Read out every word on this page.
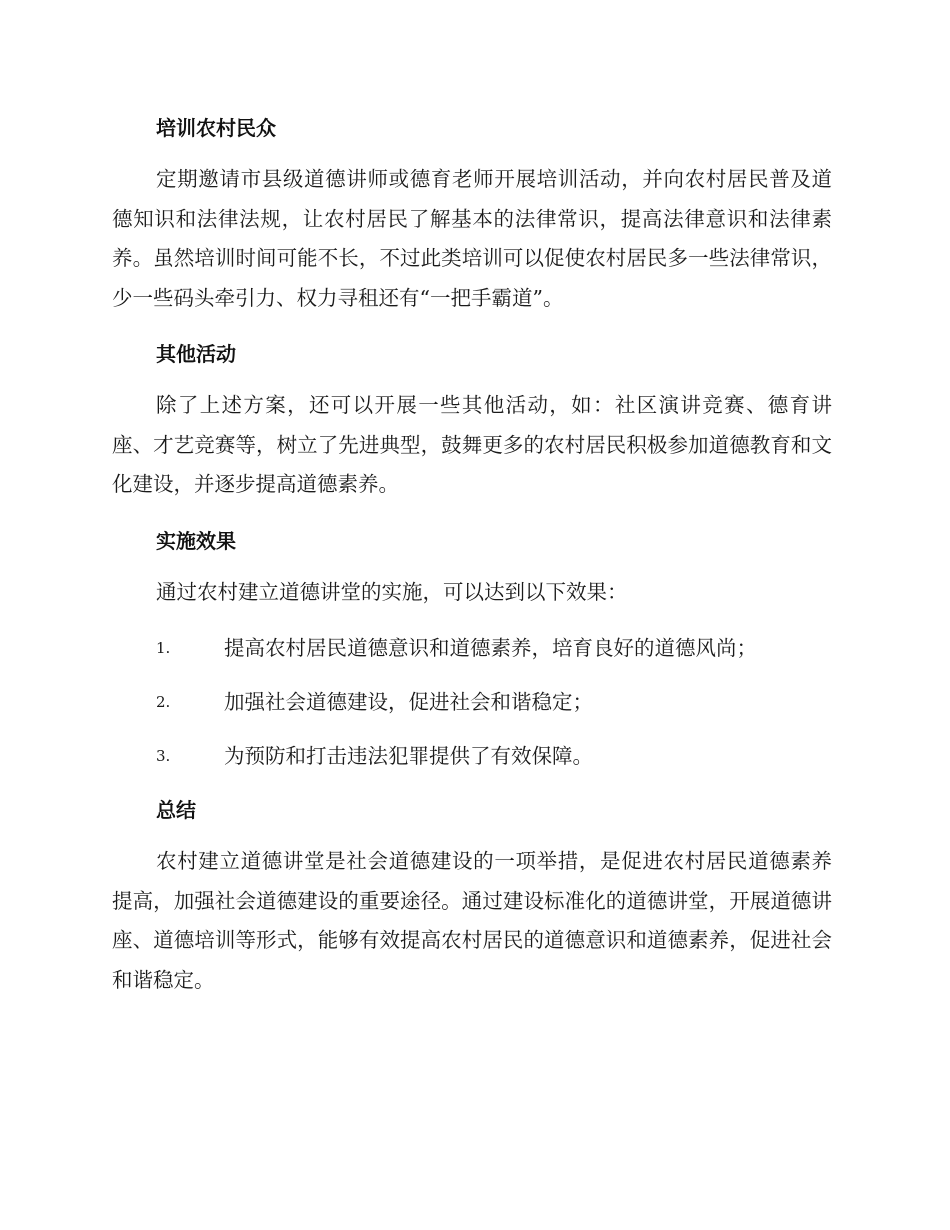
培训农村民众

定期邀请市县级道德讲师或德育老师开展培训活动，并向农村居民普及道德知识和法律法规，让农村居民了解基本的法律常识，提高法律意识和法律素养。虽然培训时间可能不长，不过此类培训可以促使农村居民多一些法律常识，少一些码头牵引力、权力寻租还有“一把手霸道”。

其他活动

除了上述方案，还可以开展一些其他活动，如：社区演讲竞赛、德育讲座、才艺竞赛等，树立了先进典型，鼓舞更多的农村居民积极参加道德教育和文化建设，并逐步提高道德素养。

实施效果

通过农村建立道德讲堂的实施，可以达到以下效果：

1.	提高农村居民道德意识和道德素养，培育良好的道德风尚；
2.	加强社会道德建设，促进社会和谐稳定；
3.	为预防和打击违法犯罪提供了有效保障。
总结

农村建立道德讲堂是社会道德建设的一项举措，是促进农村居民道德素养提高，加强社会道德建设的重要途径。通过建设标准化的道德讲堂，开展道德讲座、道德培训等形式，能够有效提高农村居民的道德意识和道德素养，促进社会和谐稳定。
